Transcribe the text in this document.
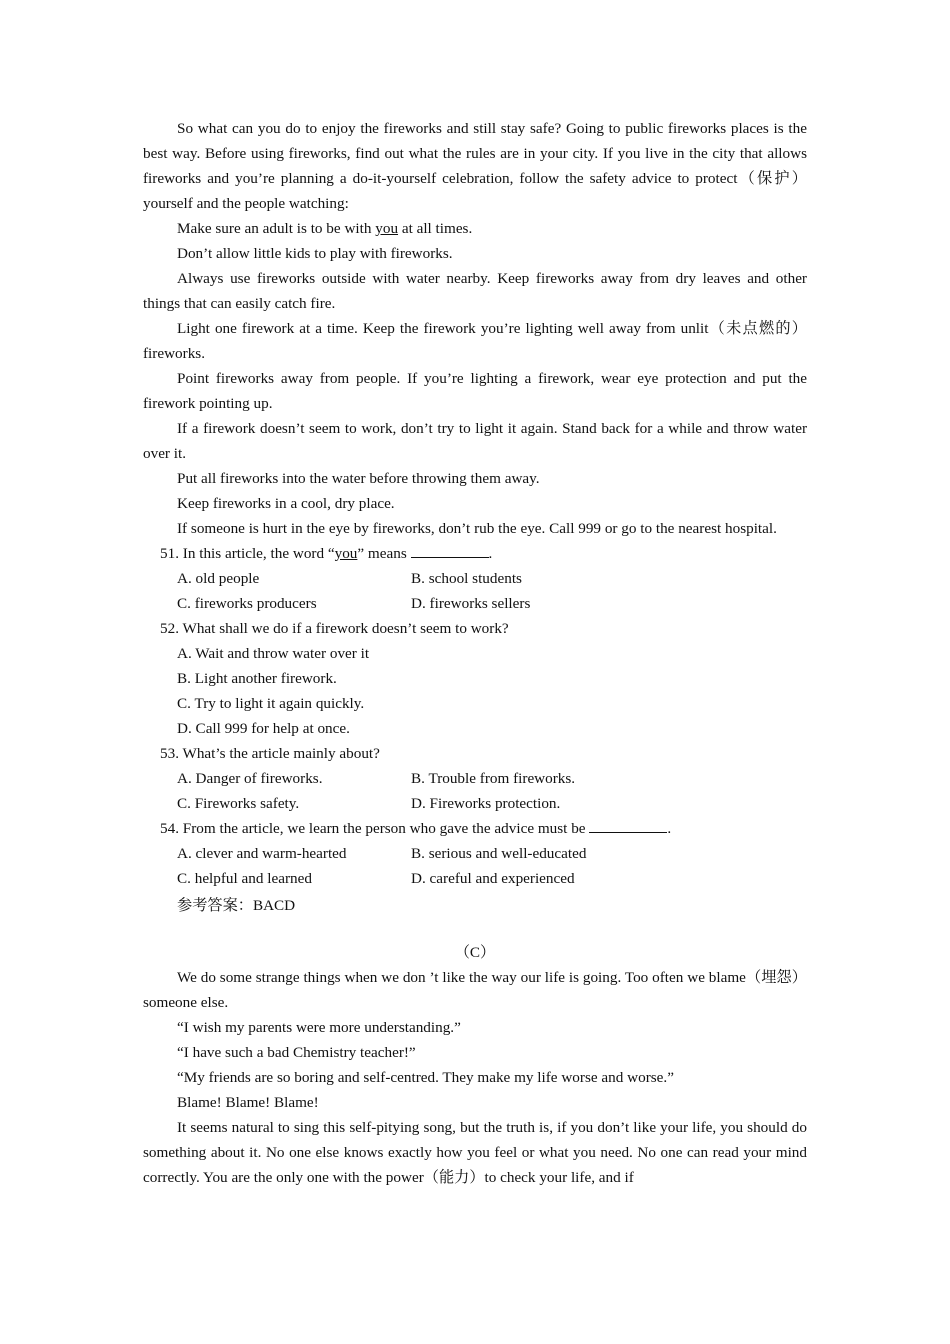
So what can you do to enjoy the fireworks and still stay safe? Going to public fireworks places is the best way. Before using fireworks, find out what the rules are in your city. If you live in the city that allows fireworks and you’re planning a do-it-yourself celebration, follow the safety advice to protect（保护）yourself and the people watching:

Make sure an adult is to be with you at all times.

Don’t allow little kids to play with fireworks.

Always use fireworks outside with water nearby. Keep fireworks away from dry leaves and other things that can easily catch fire.

Light one firework at a time. Keep the firework you’re lighting well away from unlit（未点燃的）fireworks.

Point fireworks away from people. If you’re lighting a firework, wear eye protection and put the firework pointing up.

If a firework doesn’t seem to work, don’t try to light it again. Stand back for a while and throw water over it.

Put all fireworks into the water before throwing them away.

Keep fireworks in a cool, dry place.

If someone is hurt in the eye by fireworks, don’t rub the eye. Call 999 or go to the nearest hospital.

51. In this article, the word “you” means	.

A. old people	B. school students

C. fireworks producers	D. fireworks sellers

52. What shall we do if a firework doesn’t seem to work?

A. Wait and throw water over it

B. Light another firework.

C. Try to light it again quickly.

D. Call 999 for help at once.

53. What’s the article mainly about?

A. Danger of fireworks.	B. Trouble from fireworks.

C. Fireworks safety.	D. Fireworks protection.

54. From the article, we learn the person who gave the advice must be	.

A. clever and warm-hearted	B. serious and well-educated

C. helpful and learned	D. careful and experienced

参考答案：BACD

（C）

We do some strange things when we don ’t like the way our life is going. Too often we blame（埋怨）someone else.

“I wish my parents were more understanding.”

“I have such a bad Chemistry teacher!”

“My friends are so boring and self-centred. They make my life worse and worse.”

Blame! Blame! Blame!

It seems natural to sing this self-pitying song, but the truth is, if you don’t like your life, you should do something about it. No one else knows exactly how you feel or what you need. No one can read your mind correctly. You are the only one with the power（能力）to check your life, and if
